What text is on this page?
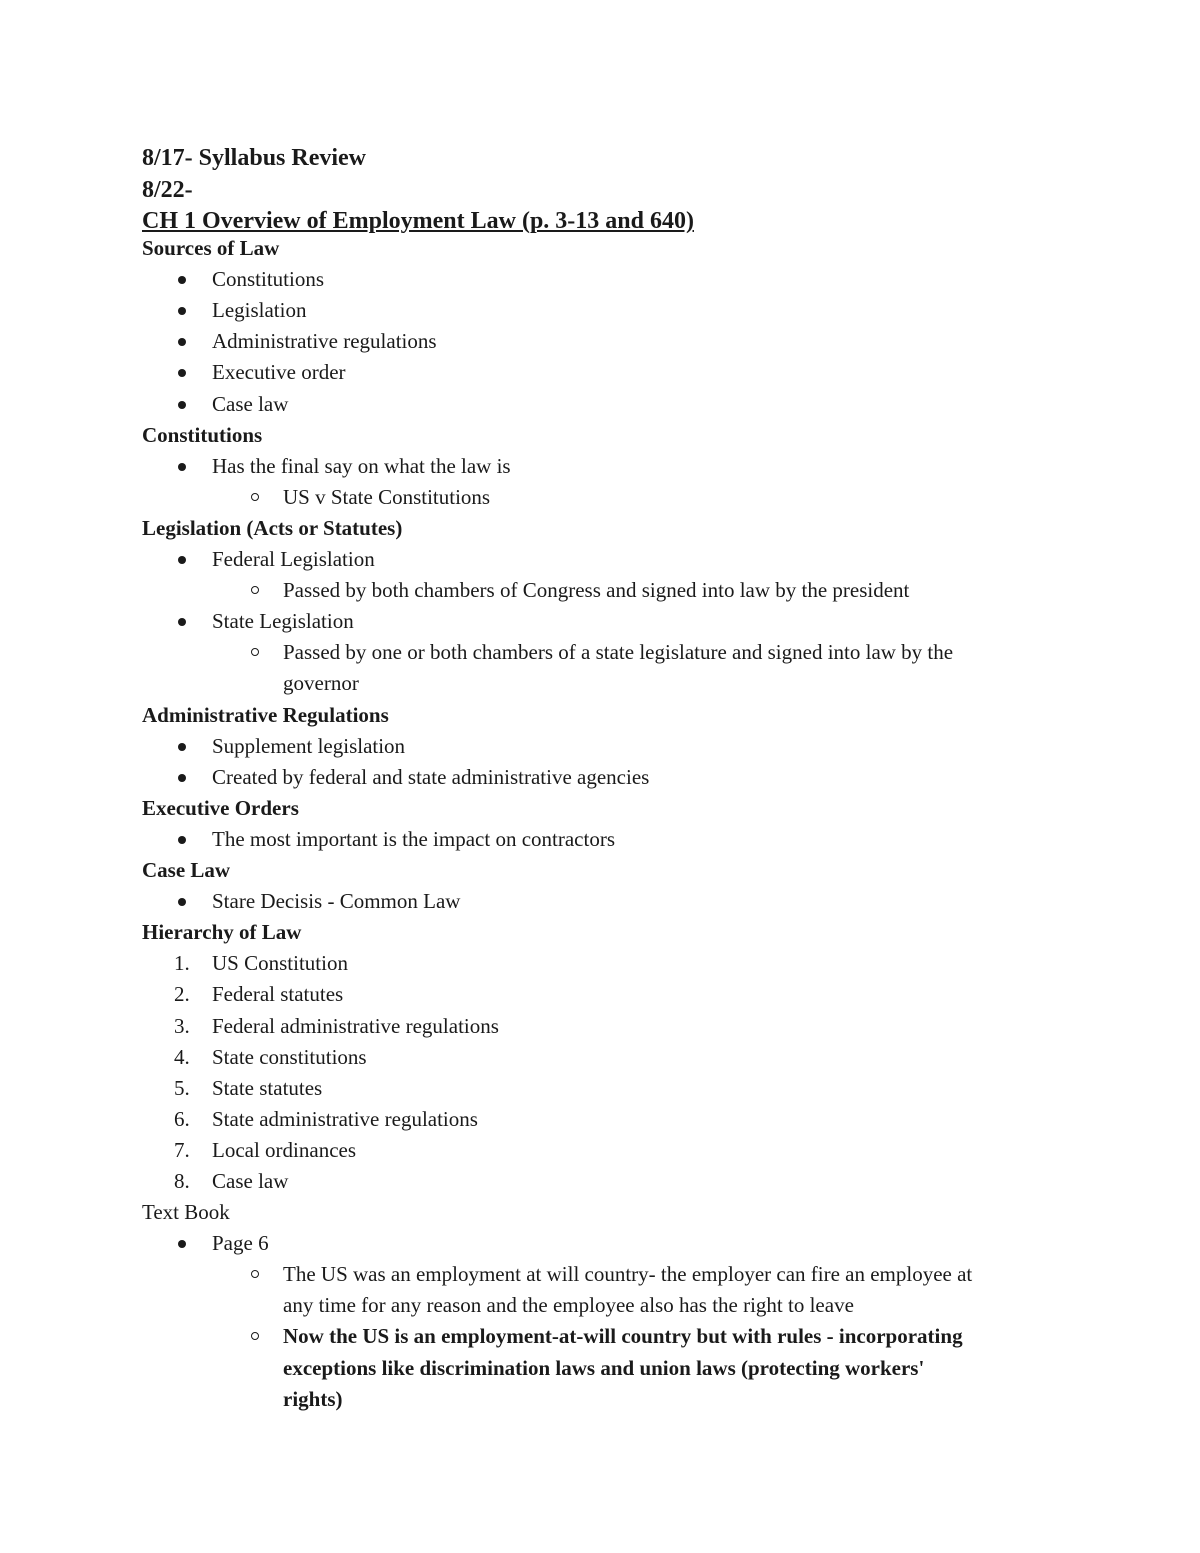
8/17- Syllabus Review
8/22-
CH 1 Overview of Employment Law (p. 3-13 and 640)
Sources of Law
Constitutions
Legislation
Administrative regulations
Executive order
Case law
Constitutions
Has the final say on what the law is
US v State Constitutions
Legislation (Acts or Statutes)
Federal Legislation
Passed by both chambers of Congress and signed into law by the president
State Legislation
Passed by one or both chambers of a state legislature and signed into law by the
governor
Administrative Regulations
Supplement legislation
Created by federal and state administrative agencies
Executive Orders
The most important is the impact on contractors
Case Law
Stare Decisis - Common Law
Hierarchy of Law
1. US Constitution
2. Federal statutes
3. Federal administrative regulations
4. State constitutions
5. State statutes
6. State administrative regulations
7. Local ordinances
8. Case law
Text Book
Page 6
The US was an employment at will country- the employer can fire an employee at
any time for any reason and the employee also has the right to leave
Now the US is an employment-at-will country but with rules - incorporating
exceptions like discrimination laws and union laws (protecting workers'
rights)
